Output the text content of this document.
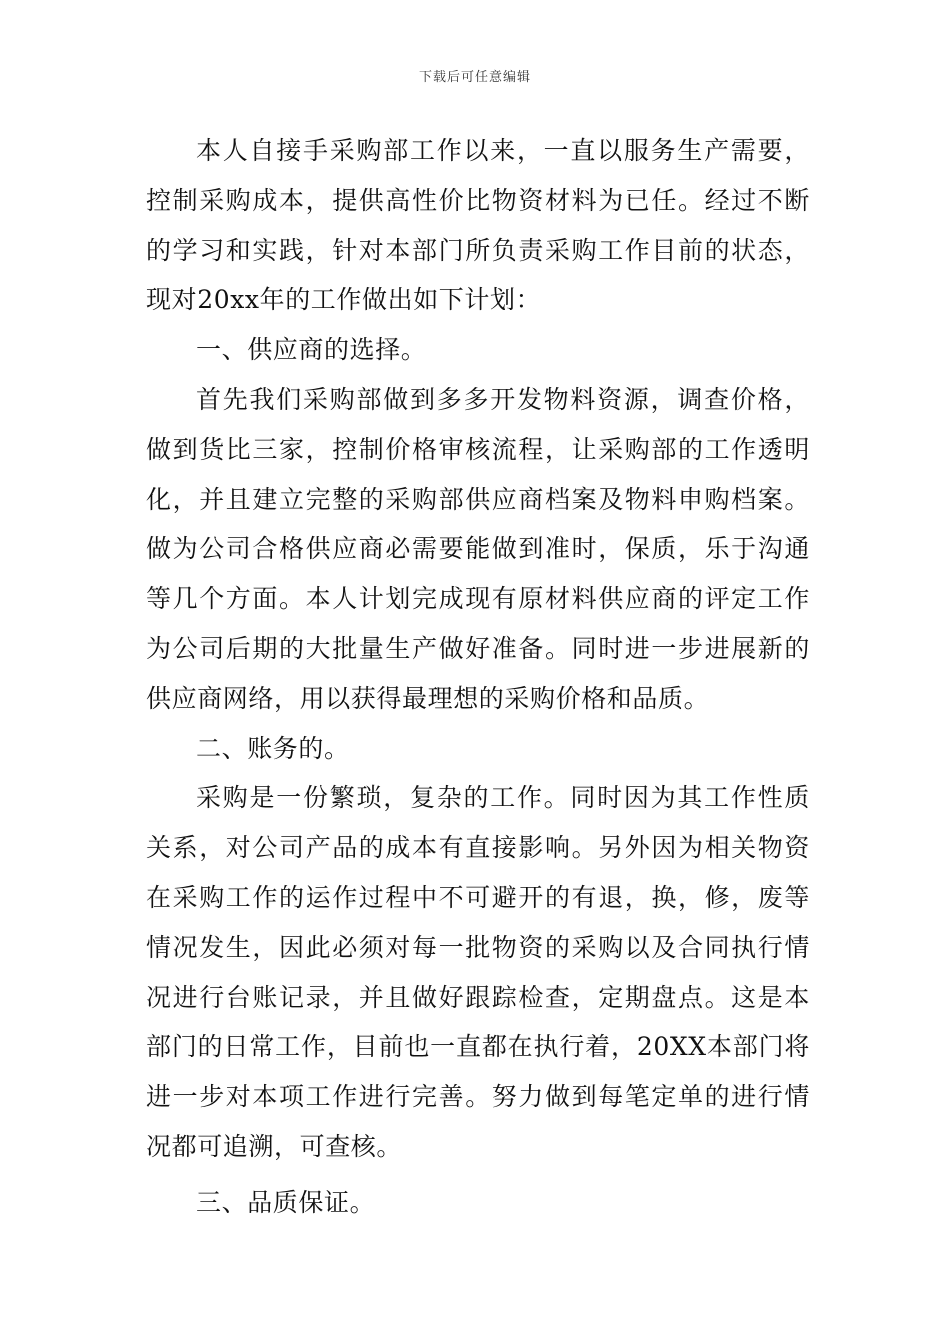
下载后可任意编辑

本人自接手采购部工作以来，一直以服务生产需要，控制采购成本，提供高性价比物资材料为已任。经过不断的学习和实践，针对本部门所负责采购工作目前的状态，现对20xx年的工作做出如下计划：

一、供应商的选择。

首先我们采购部做到多多开发物料资源，调查价格，做到货比三家，控制价格审核流程，让采购部的工作透明化，并且建立完整的采购部供应商档案及物料申购档案。做为公司合格供应商必需要能做到准时，保质，乐于沟通等几个方面。本人计划完成现有原材料供应商的评定工作为公司后期的大批量生产做好准备。同时进一步进展新的供应商网络，用以获得最理想的采购价格和品质。

二、账务的。

采购是一份繁琐，复杂的工作。同时因为其工作性质关系，对公司产品的成本有直接影响。另外因为相关物资在采购工作的运作过程中不可避开的有退，换，修，废等情况发生，因此必须对每一批物资的采购以及合同执行情况进行台账记录，并且做好跟踪检查，定期盘点。这是本部门的日常工作，目前也一直都在执行着，20XX本部门将进一步对本项工作进行完善。努力做到每笔定单的进行情况都可追溯，可查核。

三、品质保证。
